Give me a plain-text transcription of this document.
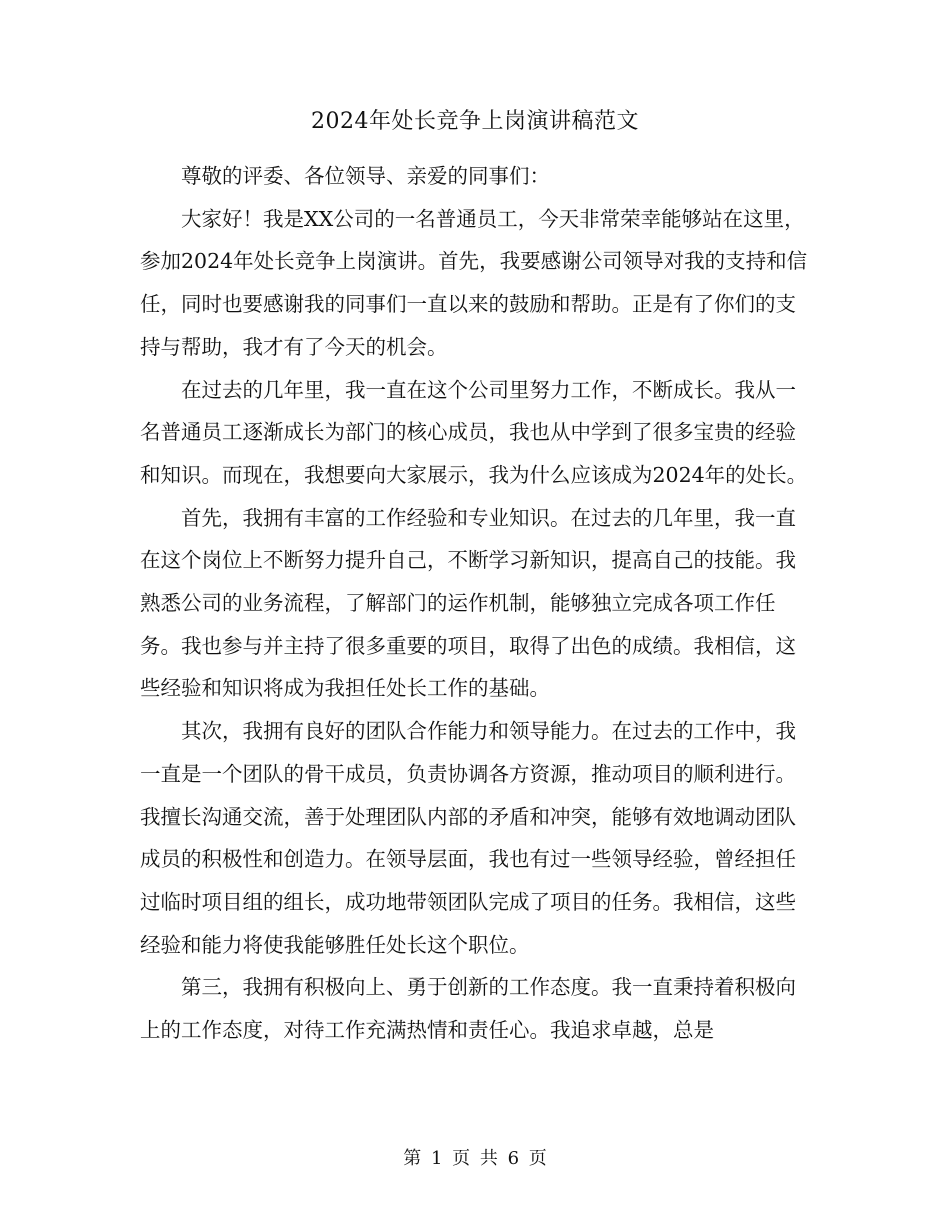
2024年处长竞争上岗演讲稿范文

尊敬的评委、各位领导、亲爱的同事们：

大家好！我是XX公司的一名普通员工，今天非常荣幸能够站在这里，参加2024年处长竞争上岗演讲。首先，我要感谢公司领导对我的支持和信任，同时也要感谢我的同事们一直以来的鼓励和帮助。正是有了你们的支持与帮助，我才有了今天的机会。

在过去的几年里，我一直在这个公司里努力工作，不断成长。我从一名普通员工逐渐成长为部门的核心成员，我也从中学到了很多宝贵的经验和知识。而现在，我想要向大家展示，我为什么应该成为2024年的处长。

首先，我拥有丰富的工作经验和专业知识。在过去的几年里，我一直在这个岗位上不断努力提升自己，不断学习新知识，提高自己的技能。我熟悉公司的业务流程，了解部门的运作机制，能够独立完成各项工作任务。我也参与并主持了很多重要的项目，取得了出色的成绩。我相信，这些经验和知识将成为我担任处长工作的基础。

其次，我拥有良好的团队合作能力和领导能力。在过去的工作中，我一直是一个团队的骨干成员，负责协调各方资源，推动项目的顺利进行。我擅长沟通交流，善于处理团队内部的矛盾和冲突，能够有效地调动团队成员的积极性和创造力。在领导层面，我也有过一些领导经验，曾经担任过临时项目组的组长，成功地带领团队完成了项目的任务。我相信，这些经验和能力将使我能够胜任处长这个职位。

第三，我拥有积极向上、勇于创新的工作态度。我一直秉持着积极向上的工作态度，对待工作充满热情和责任心。我追求卓越，总是

第 1 页 共 6 页
